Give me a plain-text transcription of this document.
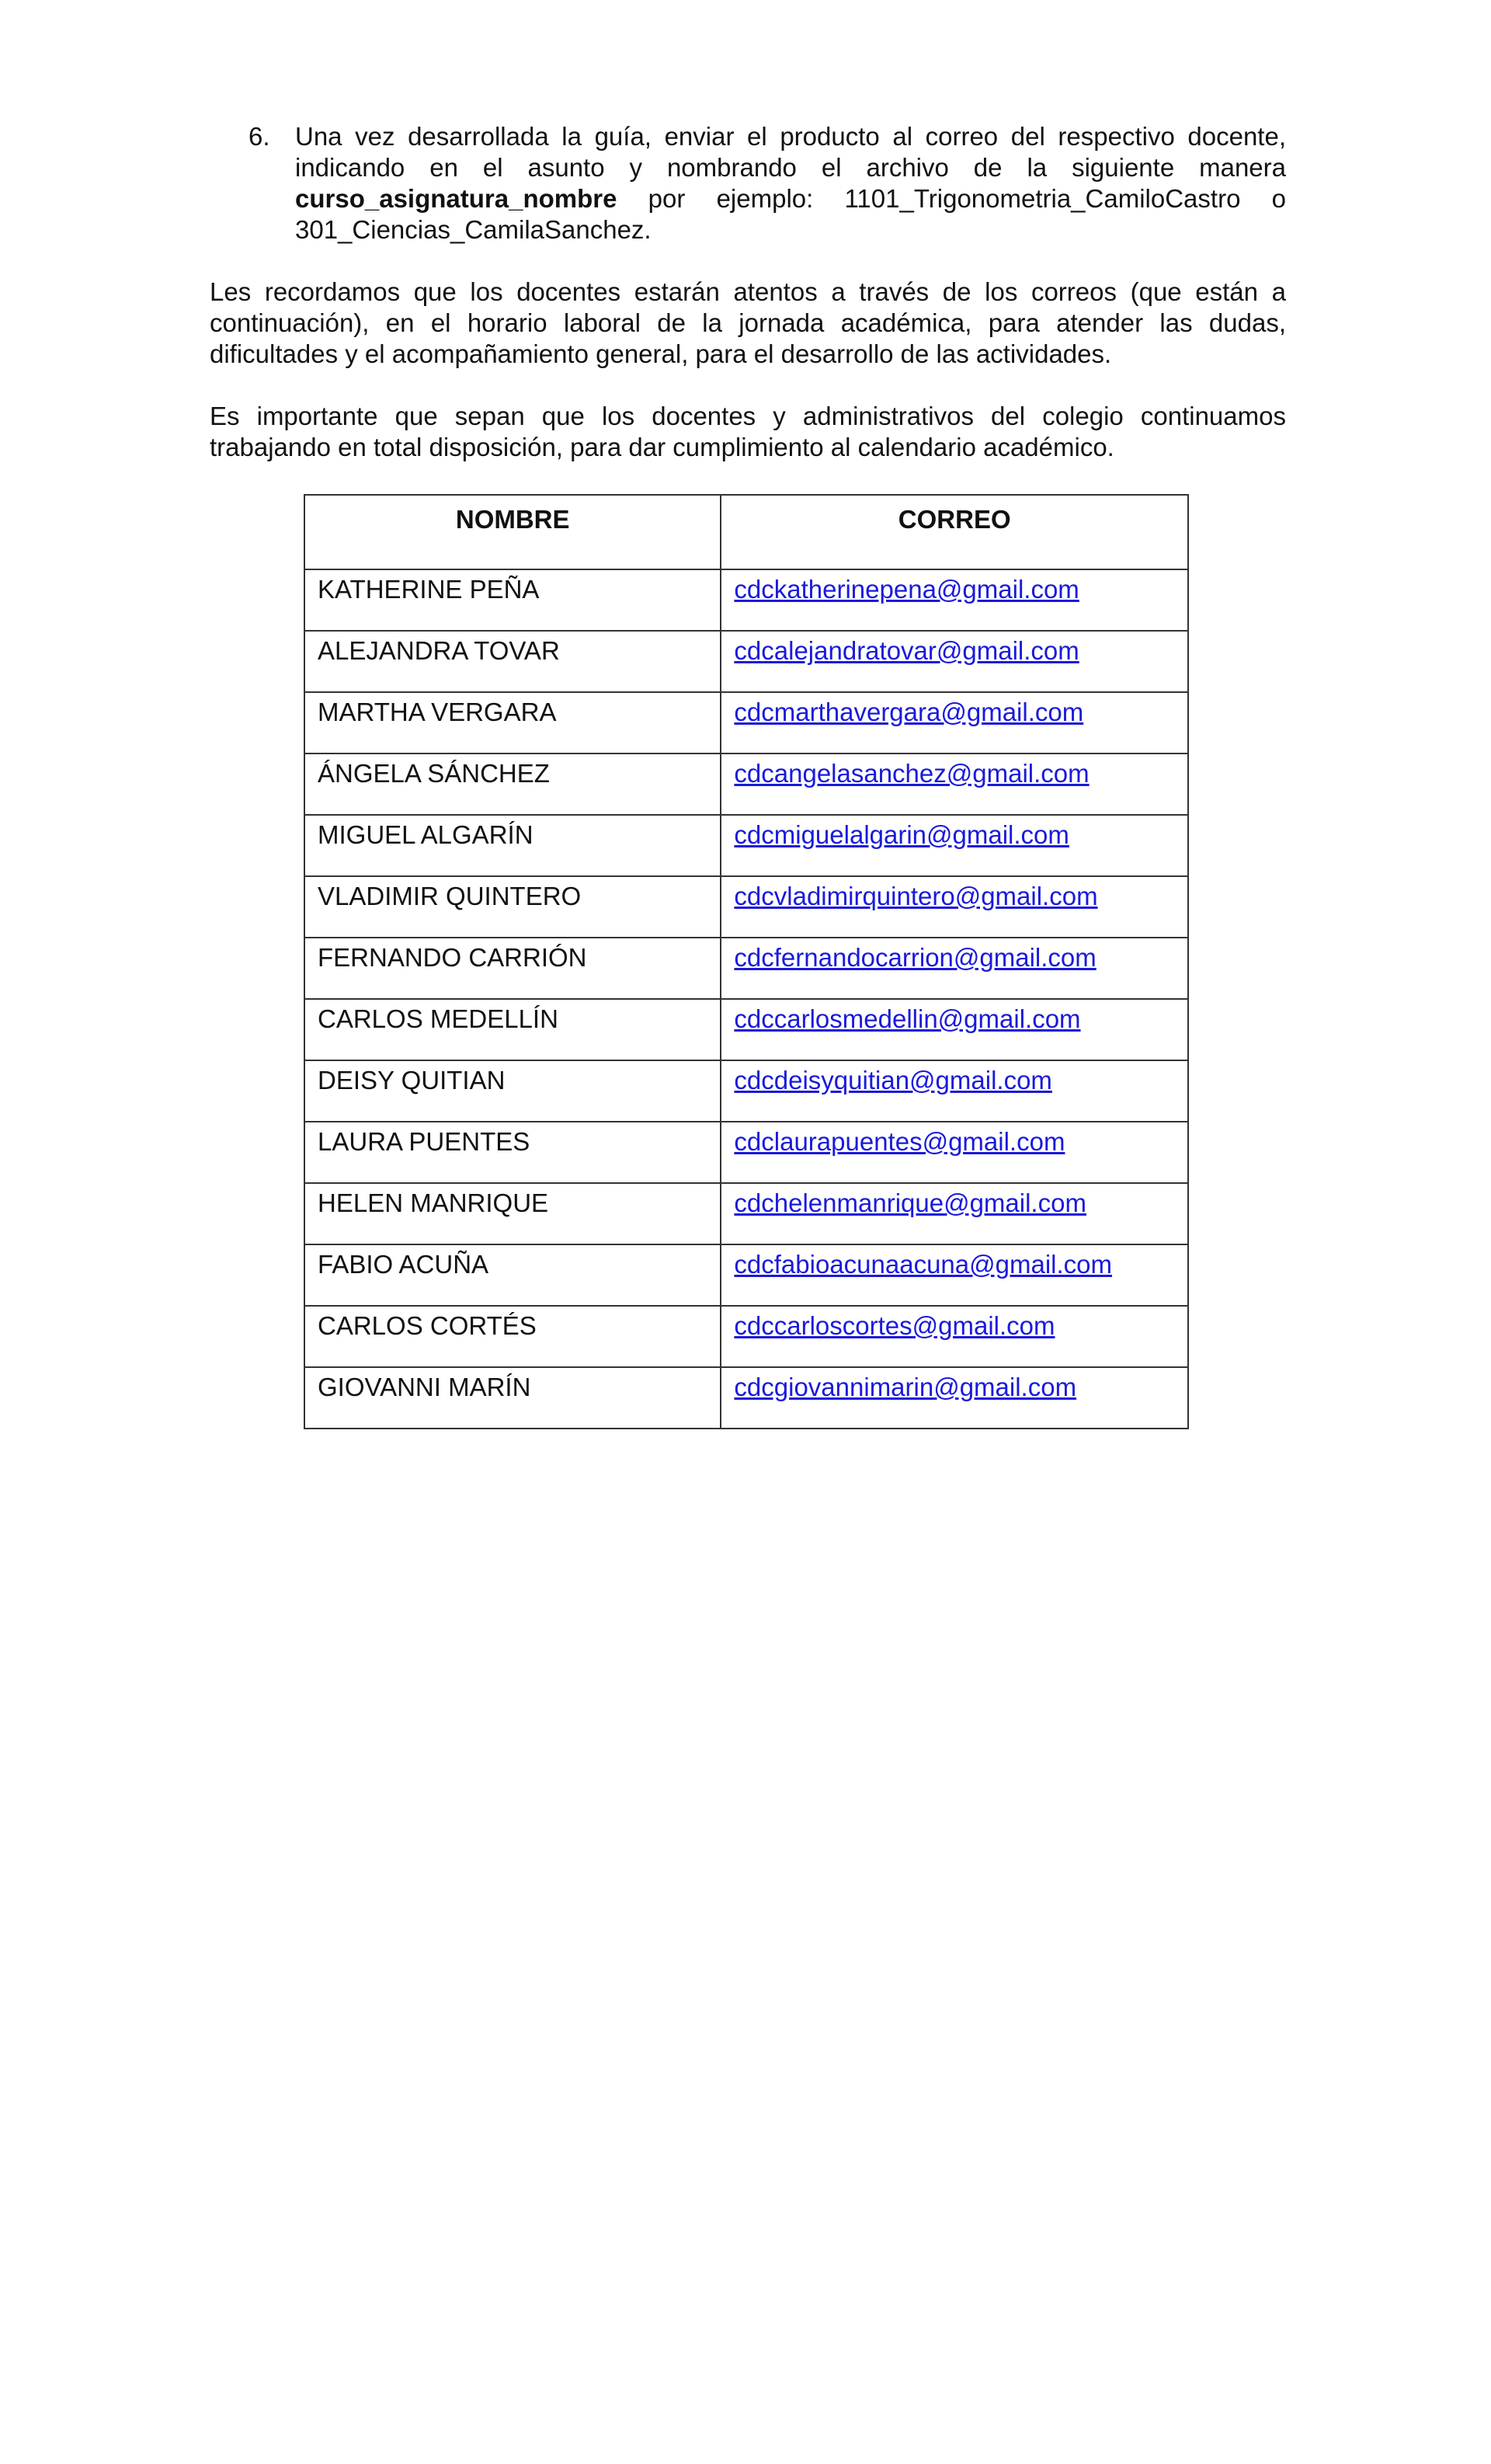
6. Una vez desarrollada la guía, enviar el producto al correo del respectivo docente, indicando en el asunto y nombrando el archivo de la siguiente manera curso_asignatura_nombre por ejemplo: 1101_Trigonometria_CamiloCastro o 301_Ciencias_CamilaSanchez.
Les recordamos que los docentes estarán atentos a través de los correos (que están a continuación), en el horario laboral de la jornada académica, para atender las dudas, dificultades y el acompañamiento general, para el desarrollo de las actividades.
Es importante que sepan que los docentes y administrativos del colegio continuamos trabajando en total disposición, para dar cumplimiento al calendario académico.
NOMBRE	CORREO
KATHERINE PEÑA	cdckatherinepena@gmail.com
ALEJANDRA TOVAR	cdcalejandratovar@gmail.com
MARTHA VERGARA	cdcmarthavergara@gmail.com
ÁNGELA SÁNCHEZ	cdcangelasanchez@gmail.com
MIGUEL ALGARÍN	cdcmiguelalgarin@gmail.com
VLADIMIR QUINTERO	cdcvladimirquintero@gmail.com
FERNANDO CARRIÓN	cdcfernandocarrion@gmail.com
CARLOS MEDELLÍN	cdccarlosmedellin@gmail.com
DEISY QUITIAN	cdcdeisyquitian@gmail.com
LAURA PUENTES	cdclaurapuentes@gmail.com
HELEN MANRIQUE	cdchelenmanrique@gmail.com
FABIO ACUÑA	cdcfabioacunaacuna@gmail.com
CARLOS CORTÉS	cdccarloscortes@gmail.com
GIOVANNI MARÍN	cdcgiovannimarin@gmail.com
